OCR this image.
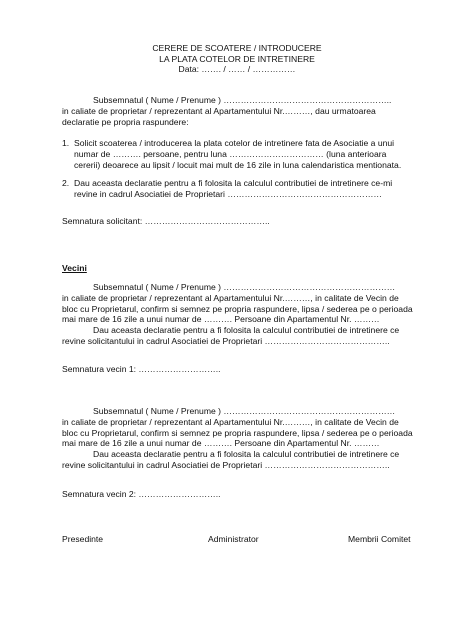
CERERE DE SCOATERE / INTRODUCERE
LA PLATA COTELOR DE INTRETINERE
Data: ……. / …… / ……………

Subsemnatul ( Nume / Prenume ) …………………………………………………..

in caliate de proprietar / reprezentant al Apartamentului Nr.………, dau urmatoarea

declaratie pe propria raspundere:

1. Solicit scoaterea / introducerea la plata cotelor de intretinere fata de Asociatie a unui

numar de ………. persoane, pentru luna …………………………… (luna anterioara

cererii) deoarece au lipsit / locuit mai mult de 16 zile in luna calendaristica mentionata.

2. Dau aceasta declaratie pentru a fi folosita la calculul contributiei de intretinere ce-mi

revine in cadrul Asociatiei de Proprietari ………………………………………………

Semnatura solicitant: ……………………………………..

Vecini

Subsemnatul ( Nume / Prenume ) ……………………………………………………

in caliate de proprietar / reprezentant al Apartamentului Nr.………, in calitate de Vecin de

bloc cu Proprietarul, confirm si semnez pe propria raspundere, lipsa / sederea pe o perioada

mai mare de 16 zile a unui numar de ………. Persoane din Apartamentul Nr. ………

Dau aceasta declaratie pentru a fi folosita la calculul contributiei de intretinere ce

revine solicitantului in cadrul Asociatiei de Proprietari ……………………………………..

Semnatura vecin 1: ………………………..

Subsemnatul ( Nume / Prenume ) ……………………………………………………

in caliate de proprietar / reprezentant al Apartamentului Nr.………, in calitate de Vecin de

bloc cu Proprietarul, confirm si semnez pe propria raspundere, lipsa / sederea pe o perioada

mai mare de 16 zile a unui numar de ………. Persoane din Apartamentul Nr. ………

Dau aceasta declaratie pentru a fi folosita la calculul contributiei de intretinere ce

revine solicitantului in cadrul Asociatiei de Proprietari ……………………………………..

Semnatura vecin 2: ………………………..

Presedinte	Administrator	Membrii Comitet
